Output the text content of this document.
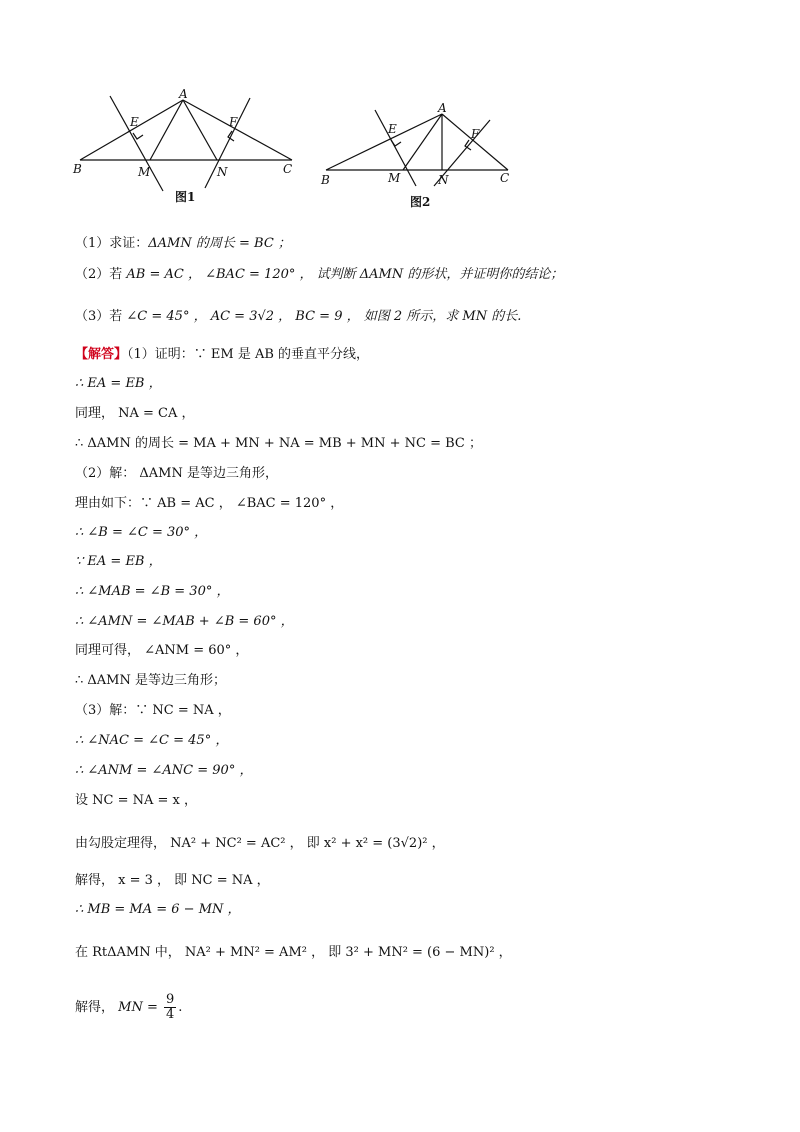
A
B	C
M	N
E	F
图1
A
B	C
M	N
E	F
图2
（1）求证：ΔAMN 的周长 = BC ；
（2）若 AB = AC ， ∠BAC = 120° ， 试判断 ΔAMN 的形状，并证明你的结论；
（3）若 ∠C = 45° ， AC = 3√2 ， BC = 9 ， 如图 2 所示，求 MN 的长.
【解答】（1）证明：∵ EM 是 AB 的垂直平分线，
∴ EA = EB ，
同理， NA = CA ，
∴ ΔAMN 的周长 = MA + MN + NA = MB + MN + NC = BC ；
（2）解： ΔAMN 是等边三角形，
理由如下：∵ AB = AC ， ∠BAC = 120° ，
∴ ∠B = ∠C = 30° ，
∵ EA = EB ，
∴ ∠MAB = ∠B = 30° ，
∴ ∠AMN = ∠MAB + ∠B = 60° ，
同理可得， ∠ANM = 60° ，
∴ ΔAMN 是等边三角形；
（3）解：∵ NC = NA ，
∴ ∠NAC = ∠C = 45° ，
∴ ∠ANM = ∠ANC = 90° ，
设 NC = NA = x ，
由勾股定理得， NA² + NC² = AC² ， 即 x² + x² = (3√2)² ，
解得， x = 3 ， 即 NC = NA ，
∴ MB = MA = 6 − MN ，
在 RtΔAMN 中， NA² + MN² = AM² ， 即 3² + MN² = (6 − MN)² ，
解得， MN = $\frac{9}{4}$ .
